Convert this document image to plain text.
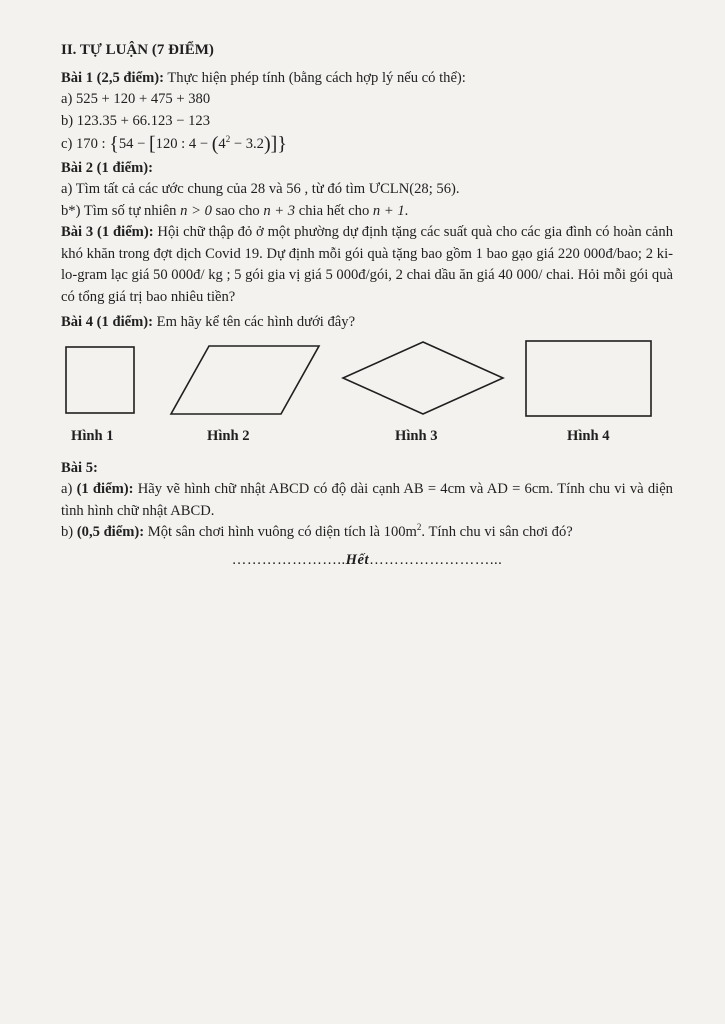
II. TỰ LUẬN (7 ĐIỂM)
Bài 1 (2,5 điểm): Thực hiện phép tính (bằng cách hợp lý nếu có thể):
a) 525 + 120 + 475 + 380
b) 123.35 + 66.123 − 123
c) 170 : {54 − [120 : $4 - (4^2 - 3.2)$]}
Bài 2 (1 điểm):
a) Tìm tất cả các ước chung của 28 và 56 , từ đó tìm ƯCLN(28; 56).
b*) Tìm số tự nhiên n > 0 sao cho n + 3 chia hết cho n + 1.
Bài 3 (1 điểm): Hội chữ thập đỏ ở một phường dự định tặng các suất quà cho các gia đình có hoàn cảnh khó khăn trong đợt dịch Covid 19. Dự định mỗi gói quà tặng bao gồm 1 bao gạo giá 220 000đ/bao; 2 ki-lo-gram lạc giá 50 000đ/ kg ; 5 gói gia vị giá 5 000đ/gói, 2 chai dầu ăn giá 40 000/ chai. Hỏi mỗi gói quà có tổng giá trị bao nhiêu tiền?
Bài 4 (1 điểm): Em hãy kể tên các hình dưới đây?
Hình 1	Hình 2	Hình 3	Hình 4
Bài 5:
a) (1 điểm): Hãy vẽ hình chữ nhật ABCD có độ dài cạnh AB = 4cm và AD = 6cm. Tính chu vi và diện tình hình chữ nhật ABCD.
b) (0,5 điểm): Một sân chơi hình vuông có diện tích là $100m^2$. Tính chu vi sân chơi đó?
…………………..Hết……………………...
